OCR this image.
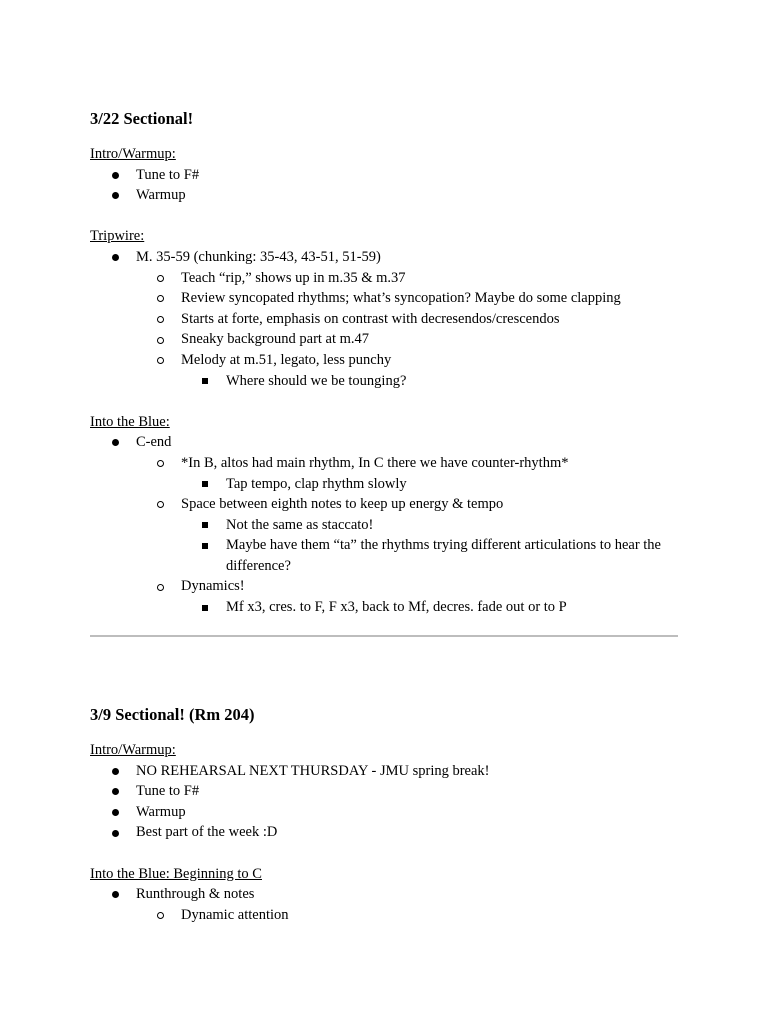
3/22 Sectional!
Intro/Warmup:
Tune to F#
Warmup
Tripwire:
M. 35-59 (chunking: 35-43, 43-51, 51-59)
Teach “rip,” shows up in m.35 & m.37
Review syncopated rhythms; what’s syncopation? Maybe do some clapping
Starts at forte, emphasis on contrast with decresendos/crescendos
Sneaky background part at m.47
Melody at m.51, legato, less punchy
Where should we be tounging?
Into the Blue:
C-end
*In B, altos had main rhythm, In C there we have counter-rhythm*
Tap tempo, clap rhythm slowly
Space between eighth notes to keep up energy & tempo
Not the same as staccato!
Maybe have them “ta” the rhythms trying different articulations to hear the difference?
Dynamics!
Mf x3, cres. to F, F x3, back to Mf, decres. fade out or to P
3/9 Sectional! (Rm 204)
Intro/Warmup:
NO REHEARSAL NEXT THURSDAY - JMU spring break!
Tune to F#
Warmup
Best part of the week :D
Into the Blue: Beginning to C
Runthrough & notes
Dynamic attention
